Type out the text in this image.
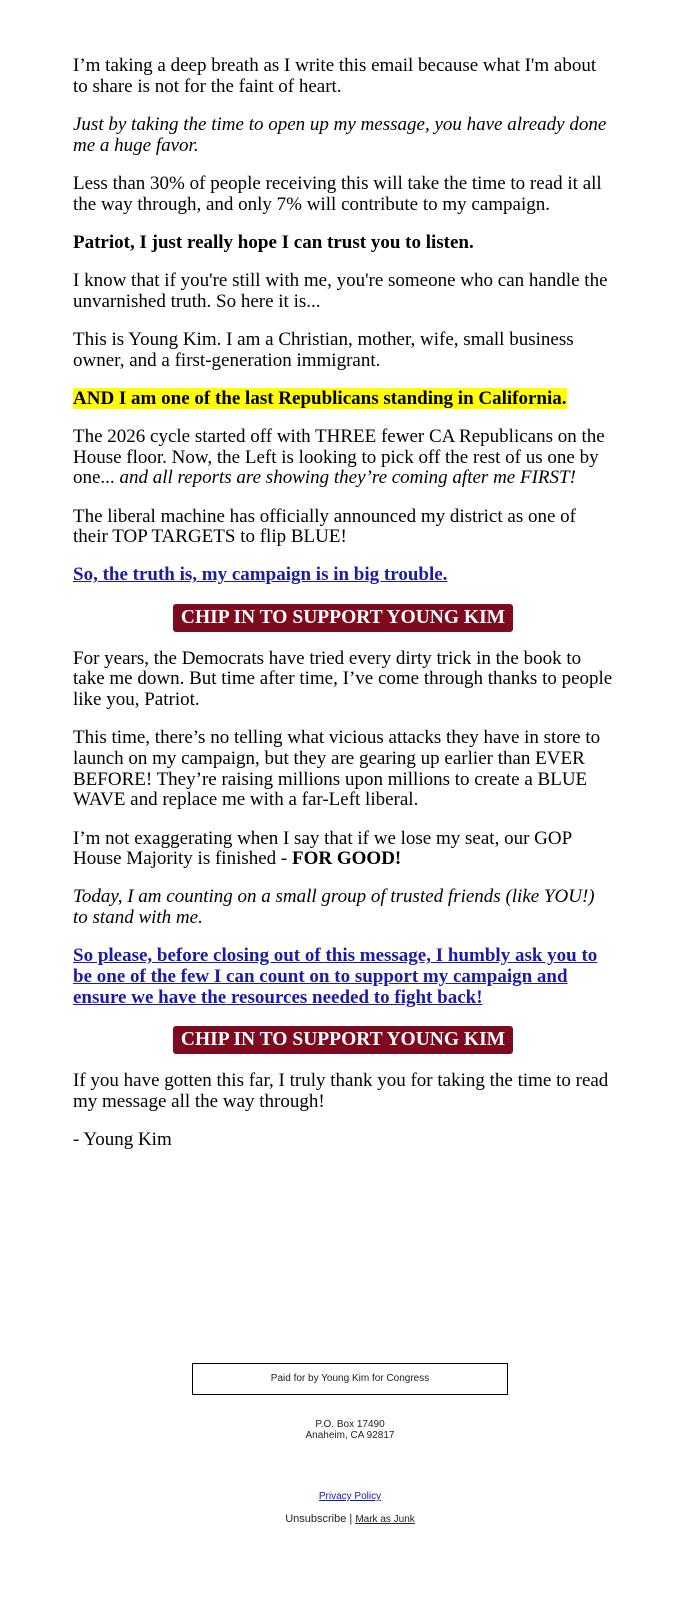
I’m taking a deep breath as I write this email because what I'm about to share is not for the faint of heart.

Just by taking the time to open up my message, you have already done me a huge favor.

Less than 30% of people receiving this will take the time to read it all the way through, and only 7% will contribute to my campaign.

Patriot, I just really hope I can trust you to listen.

I know that if you're still with me, you're someone who can handle the unvarnished truth. So here it is...

This is Young Kim. I am a Christian, mother, wife, small business owner, and a first-generation immigrant.

AND I am one of the last Republicans standing in California.

The 2026 cycle started off with THREE fewer CA Republicans on the House floor. Now, the Left is looking to pick off the rest of us one by one... and all reports are showing they’re coming after me FIRST!

The liberal machine has officially announced my district as one of their TOP TARGETS to flip BLUE!

So, the truth is, my campaign is in big trouble.

CHIP IN TO SUPPORT YOUNG KIM

For years, the Democrats have tried every dirty trick in the book to take me down. But time after time, I’ve come through thanks to people like you, Patriot.

This time, there’s no telling what vicious attacks they have in store to launch on my campaign, but they are gearing up earlier than EVER BEFORE! They’re raising millions upon millions to create a BLUE WAVE and replace me with a far-Left liberal.

I’m not exaggerating when I say that if we lose my seat, our GOP House Majority is finished - FOR GOOD!

Today, I am counting on a small group of trusted friends (like YOU!) to stand with me.

So please, before closing out of this message, I humbly ask you to be one of the few I can count on to support my campaign and ensure we have the resources needed to fight back!

CHIP IN TO SUPPORT YOUNG KIM

If you have gotten this far, I truly thank you for taking the time to read my message all the way through!

- Young Kim

Paid for by Young Kim for Congress
P.O. Box 17490
Anaheim, CA 92817
Privacy Policy
Unsubscribe | Mark as Junk
